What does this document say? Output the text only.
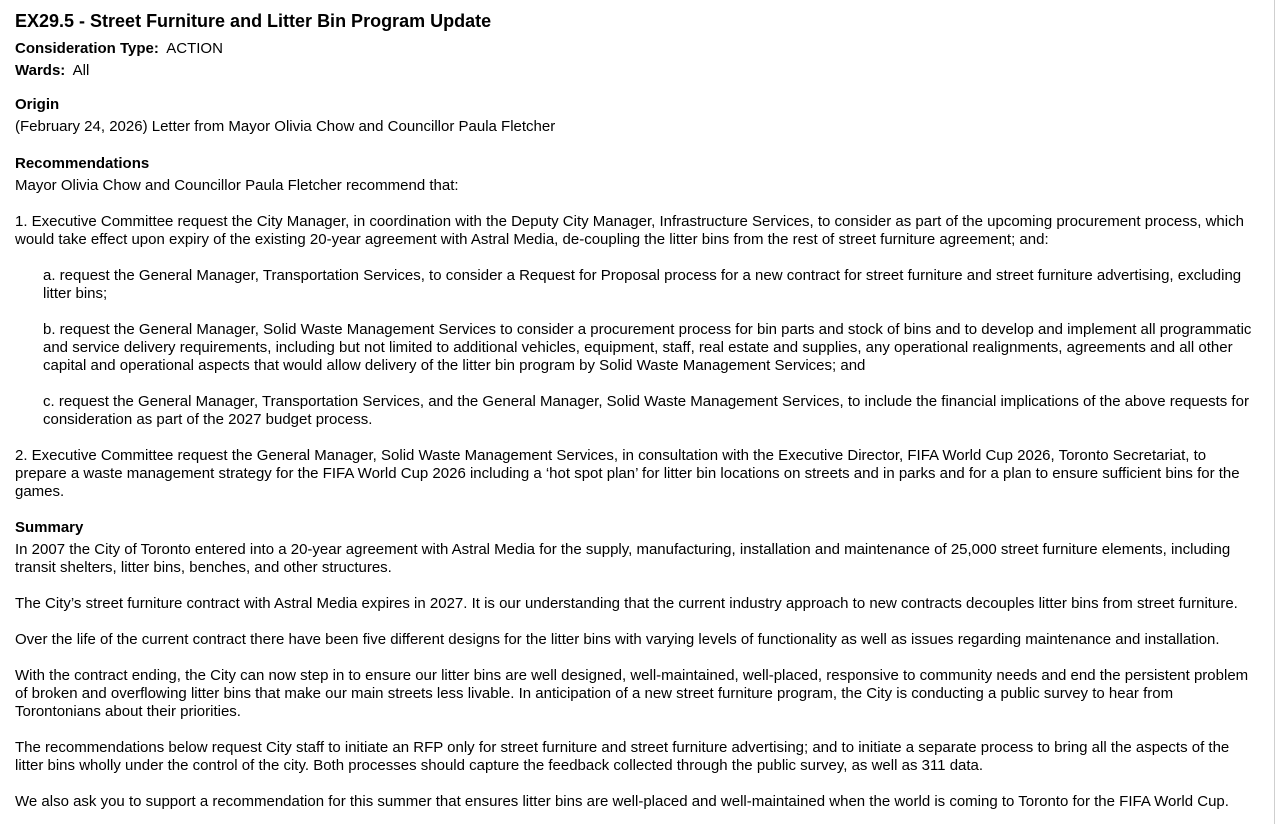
EX29.5 - Street Furniture and Litter Bin Program Update
Consideration Type: ACTION
Wards: All
Origin

(February 24, 2026) Letter from Mayor Olivia Chow and Councillor Paula Fletcher

Recommendations

Mayor Olivia Chow and Councillor Paula Fletcher recommend that:

1. Executive Committee request the City Manager, in coordination with the Deputy City Manager, Infrastructure Services, to consider as part of the upcoming procurement process, which would take effect upon expiry of the existing 20-year agreement with Astral Media, de-coupling the litter bins from the rest of street furniture agreement; and:

a. request the General Manager, Transportation Services, to consider a Request for Proposal process for a new contract for street furniture and street furniture advertising, excluding litter bins;

b. request the General Manager, Solid Waste Management Services to consider a procurement process for bin parts and stock of bins and to develop and implement all programmatic and service delivery requirements, including but not limited to additional vehicles, equipment, staff, real estate and supplies, any operational realignments, agreements and all other capital and operational aspects that would allow delivery of the litter bin program by Solid Waste Management Services; and

c. request the General Manager, Transportation Services, and the General Manager, Solid Waste Management Services, to include the financial implications of the above requests for consideration as part of the 2027 budget process.

2. Executive Committee request the General Manager, Solid Waste Management Services, in consultation with the Executive Director, FIFA World Cup 2026, Toronto Secretariat, to prepare a waste management strategy for the FIFA World Cup 2026 including a ‘hot spot plan’ for litter bin locations on streets and in parks and for a plan to ensure sufficient bins for the games.

Summary

In 2007 the City of Toronto entered into a 20-year agreement with Astral Media for the supply, manufacturing, installation and maintenance of 25,000 street furniture elements, including transit shelters, litter bins, benches, and other structures.

The City’s street furniture contract with Astral Media expires in 2027. It is our understanding that the current industry approach to new contracts decouples litter bins from street furniture.

Over the life of the current contract there have been five different designs for the litter bins with varying levels of functionality as well as issues regarding maintenance and installation.

With the contract ending, the City can now step in to ensure our litter bins are well designed, well-maintained, well-placed, responsive to community needs and end the persistent problem of broken and overflowing litter bins that make our main streets less livable. In anticipation of a new street furniture program, the City is conducting a public survey to hear from Torontonians about their priorities.

The recommendations below request City staff to initiate an RFP only for street furniture and street furniture advertising; and to initiate a separate process to bring all the aspects of the litter bins wholly under the control of the city. Both processes should capture the feedback collected through the public survey, as well as 311 data.

We also ask you to support a recommendation for this summer that ensures litter bins are well-placed and well-maintained when the world is coming to Toronto for the FIFA World Cup.
